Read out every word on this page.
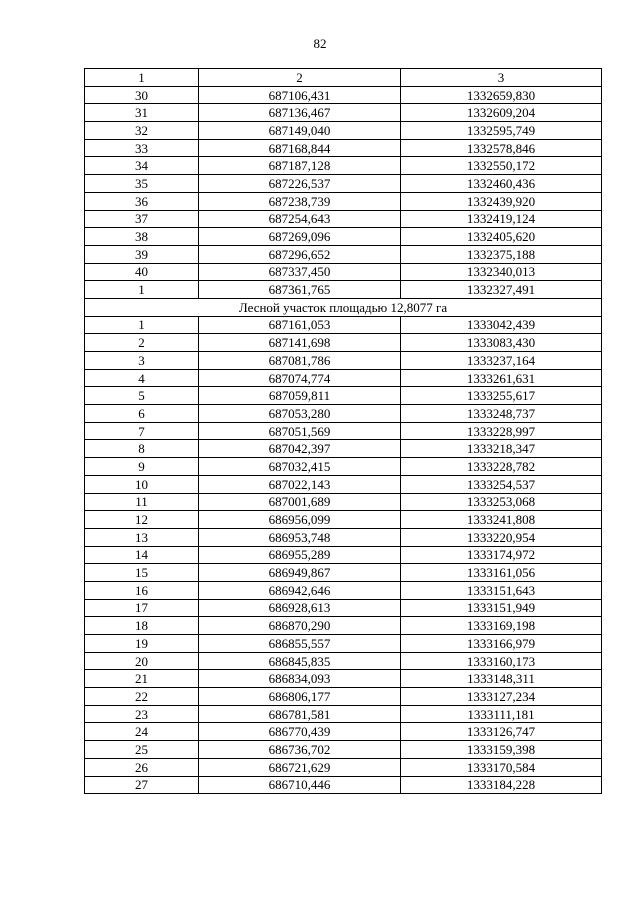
82
1	2	3
30	687106,431	1332659,830
31	687136,467	1332609,204
32	687149,040	1332595,749
33	687168,844	1332578,846
34	687187,128	1332550,172
35	687226,537	1332460,436
36	687238,739	1332439,920
37	687254,643	1332419,124
38	687269,096	1332405,620
39	687296,652	1332375,188
40	687337,450	1332340,013
1	687361,765	1332327,491
Лесной участок площадью 12,8077 га		
1	687161,053	1333042,439
2	687141,698	1333083,430
3	687081,786	1333237,164
4	687074,774	1333261,631
5	687059,811	1333255,617
6	687053,280	1333248,737
7	687051,569	1333228,997
8	687042,397	1333218,347
9	687032,415	1333228,782
10	687022,143	1333254,537
11	687001,689	1333253,068
12	686956,099	1333241,808
13	686953,748	1333220,954
14	686955,289	1333174,972
15	686949,867	1333161,056
16	686942,646	1333151,643
17	686928,613	1333151,949
18	686870,290	1333169,198
19	686855,557	1333166,979
20	686845,835	1333160,173
21	686834,093	1333148,311
22	686806,177	1333127,234
23	686781,581	1333111,181
24	686770,439	1333126,747
25	686736,702	1333159,398
26	686721,629	1333170,584
27	686710,446	1333184,228
